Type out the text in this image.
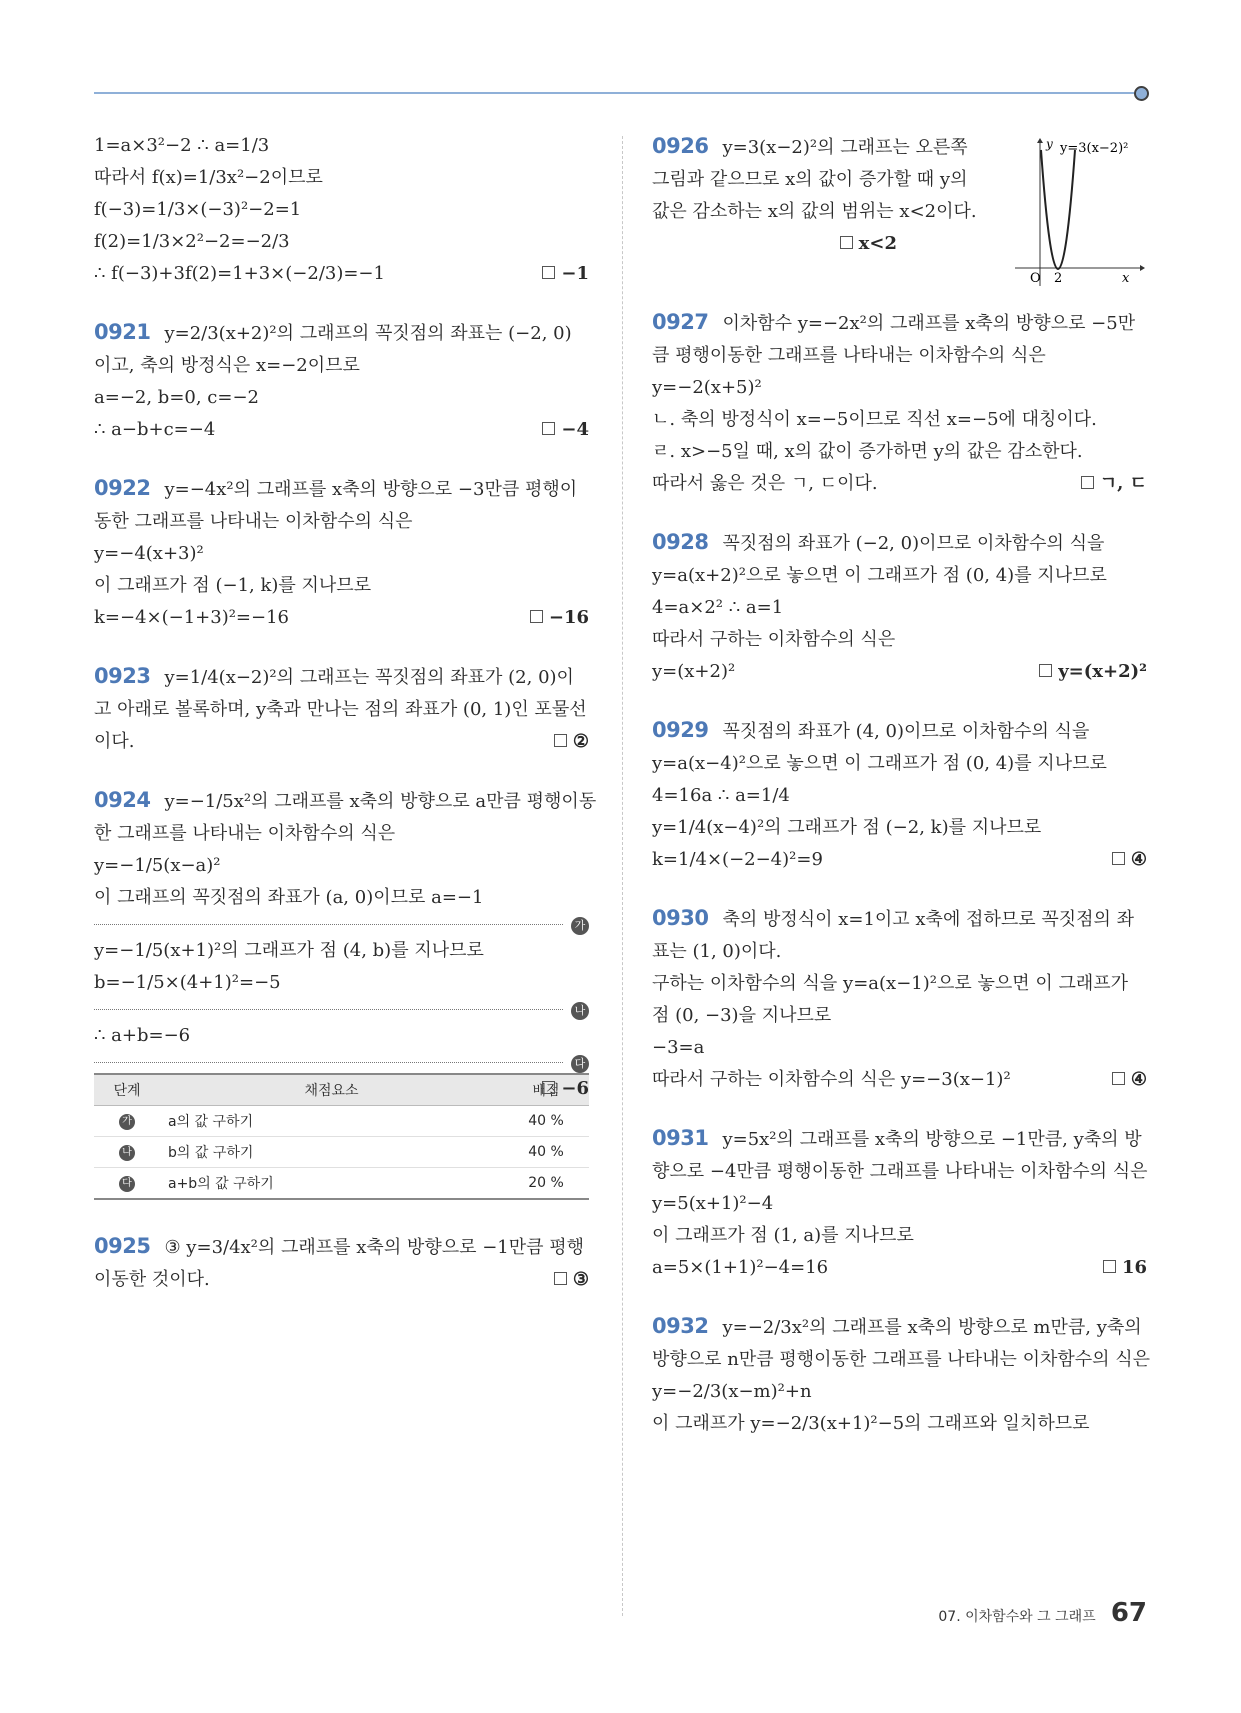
1=a×3²−2 ∴ a=1/3
따라서 f(x)=1/3x²−2이므로
f(−3)=1/3×(−3)²−2=1
f(2)=1/3×2²−2=−2/3
∴ f(−3)+3f(2)=1+3×(−2/3)=−1	−1
0921 y=2/3(x+2)²의 그래프의 꼭짓점의 좌표는 (−2, 0)
이고, 축의 방정식은 x=−2이므로
a=−2, b=0, c=−2
∴ a−b+c=−4	−4
0922 y=−4x²의 그래프를 x축의 방향으로 −3만큼 평행이
동한 그래프를 나타내는 이차함수의 식은
y=−4(x+3)²
이 그래프가 점 (−1, k)를 지나므로
k=−4×(−1+3)²=−16	−16
0923 y=1/4(x−2)²의 그래프는 꼭짓점의 좌표가 (2, 0)이
고 아래로 볼록하며, y축과 만나는 점의 좌표가 (0, 1)인 포물선
이다.	②
0924 y=−1/5x²의 그래프를 x축의 방향으로 a만큼 평행이동
한 그래프를 나타내는 이차함수의 식은
y=−1/5(x−a)²
이 그래프의 꼭짓점의 좌표가 (a, 0)이므로 a=−1
가
y=−1/5(x+1)²의 그래프가 점 (4, b)를 지나므로
b=−1/5×(4+1)²=−5
나
∴ a+b=−6
다
−6
단계	채점요소	배점
가	a의 값 구하기	40 %
나	b의 값 구하기	40 %
다	a+b의 값 구하기	20 %
0925 ③ y=3/4x²의 그래프를 x축의 방향으로 −1만큼 평행
이동한 것이다.	③
0926 y=3(x−2)²의 그래프는 오른쪽
그림과 같으므로 x의 값이 증가할 때 y의
값은 감소하는 x의 값의 범위는 x<2이다.
x<2
0927 이차함수 y=−2x²의 그래프를 x축의 방향으로 −5만
큼 평행이동한 그래프를 나타내는 이차함수의 식은
y=−2(x+5)²
ㄴ. 축의 방정식이 x=−5이므로 직선 x=−5에 대칭이다.
ㄹ. x>−5일 때, x의 값이 증가하면 y의 값은 감소한다.
따라서 옳은 것은 ㄱ, ㄷ이다.	ㄱ, ㄷ
0928 꼭짓점의 좌표가 (−2, 0)이므로 이차함수의 식을
y=a(x+2)²으로 놓으면 이 그래프가 점 (0, 4)를 지나므로
4=a×2² ∴ a=1
따라서 구하는 이차함수의 식은
y=(x+2)²	y=(x+2)²
0929 꼭짓점의 좌표가 (4, 0)이므로 이차함수의 식을
y=a(x−4)²으로 놓으면 이 그래프가 점 (0, 4)를 지나므로
4=16a ∴ a=1/4
y=1/4(x−4)²의 그래프가 점 (−2, k)를 지나므로
k=1/4×(−2−4)²=9	④
0930 축의 방정식이 x=1이고 x축에 접하므로 꼭짓점의 좌
표는 (1, 0)이다.
구하는 이차함수의 식을 y=a(x−1)²으로 놓으면 이 그래프가
점 (0, −3)을 지나므로
−3=a
따라서 구하는 이차함수의 식은 y=−3(x−1)²	④
0931 y=5x²의 그래프를 x축의 방향으로 −1만큼, y축의 방
향으로 −4만큼 평행이동한 그래프를 나타내는 이차함수의 식은
y=5(x+1)²−4
이 그래프가 점 (1, a)를 지나므로
a=5×(1+1)²−4=16	16
0932 y=−2/3x²의 그래프를 x축의 방향으로 m만큼, y축의
방향으로 n만큼 평행이동한 그래프를 나타내는 이차함수의 식은
y=−2/3(x−m)²+n
이 그래프가 y=−2/3(x+1)²−5의 그래프와 일치하므로
y y=3(x−2)²
O 2	x
07. 이차함수와 그 그래프 67
